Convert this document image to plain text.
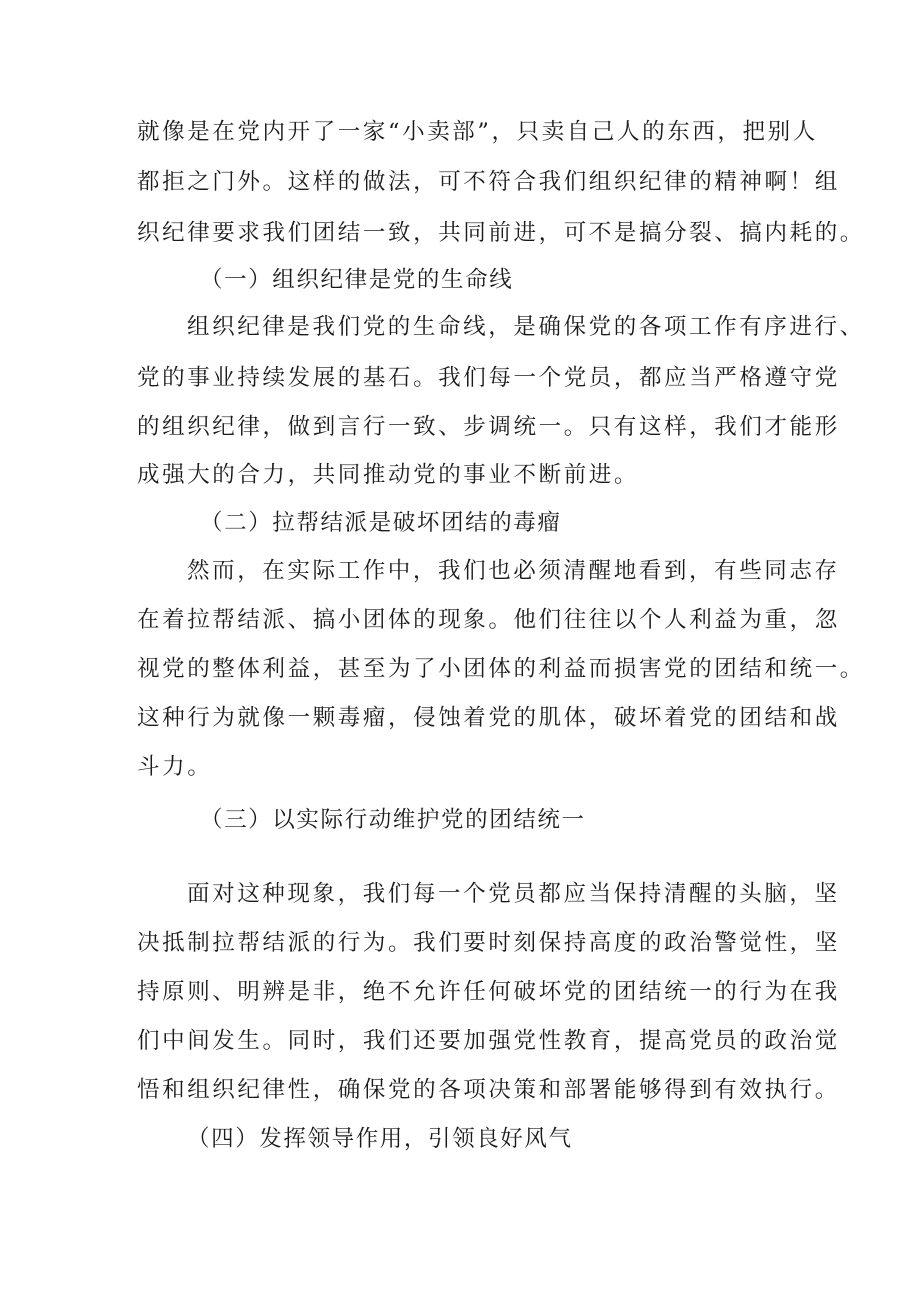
就像是在党内开了一家“小卖部”，只卖自己人的东西，把别人
都拒之门外。这样的做法，可不符合我们组织纪律的精神啊！组
织纪律要求我们团结一致，共同前进，可不是搞分裂、搞内耗的。
（一）组织纪律是党的生命线
组织纪律是我们党的生命线，是确保党的各项工作有序进行、
党的事业持续发展的基石。我们每一个党员，都应当严格遵守党
的组织纪律，做到言行一致、步调统一。只有这样，我们才能形
成强大的合力，共同推动党的事业不断前进。
（二）拉帮结派是破坏团结的毒瘤
然而，在实际工作中，我们也必须清醒地看到，有些同志存
在着拉帮结派、搞小团体的现象。他们往往以个人利益为重，忽
视党的整体利益，甚至为了小团体的利益而损害党的团结和统一。
这种行为就像一颗毒瘤，侵蚀着党的肌体，破坏着党的团结和战
斗力。
（三）以实际行动维护党的团结统一
面对这种现象，我们每一个党员都应当保持清醒的头脑，坚
决抵制拉帮结派的行为。我们要时刻保持高度的政治警觉性，坚
持原则、明辨是非，绝不允许任何破坏党的团结统一的行为在我
们中间发生。同时，我们还要加强党性教育，提高党员的政治觉
悟和组织纪律性，确保党的各项决策和部署能够得到有效执行。
（四）发挥领导作用，引领良好风气
